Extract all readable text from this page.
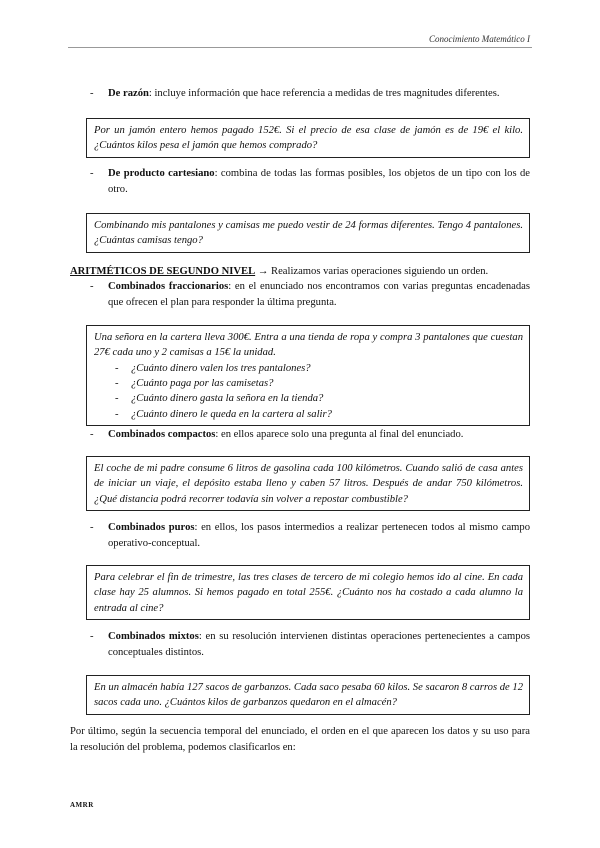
Conocimiento Matemático I
- De razón: incluye información que hace referencia a medidas de tres magnitudes diferentes.
Por un jamón entero hemos pagado 152€. Si el precio de esa clase de jamón es de 19€ el kilo. ¿Cuántos kilos pesa el jamón que hemos comprado?
- De producto cartesiano: combina de todas las formas posibles, los objetos de un tipo con los de otro.
Combinando mis pantalones y camisas me puedo vestir de 24 formas diferentes. Tengo 4 pantalones. ¿Cuántas camisas tengo?
ARITMÉTICOS DE SEGUNDO NIVEL → Realizamos varias operaciones siguiendo un orden.
- Combinados fraccionarios: en el enunciado nos encontramos con varias preguntas encadenadas que ofrecen el plan para responder la última pregunta.
Una señora en la cartera lleva 300€. Entra a una tienda de ropa y compra 3 pantalones que cuestan 27€ cada uno y 2 camisas a 15€ la unidad.
- ¿Cuánto dinero valen los tres pantalones?
- ¿Cuánto paga por las camisetas?
- ¿Cuánto dinero gasta la señora en la tienda?
- ¿Cuánto dinero le queda en la cartera al salir?
- Combinados compactos: en ellos aparece solo una pregunta al final del enunciado.
El coche de mi padre consume 6 litros de gasolina cada 100 kilómetros. Cuando salió de casa antes de iniciar un viaje, el depósito estaba lleno y caben 57 litros. Después de andar 750 kilómetros. ¿Qué distancia podrá recorrer todavía sin volver a repostar combustible?
- Combinados puros: en ellos, los pasos intermedios a realizar pertenecen todos al mismo campo operativo-conceptual.
Para celebrar el fin de trimestre, las tres clases de tercero de mi colegio hemos ido al cine. En cada clase hay 25 alumnos. Si hemos pagado en total 255€. ¿Cuánto nos ha costado a cada alumno la entrada al cine?
- Combinados mixtos: en su resolución intervienen distintas operaciones pertenecientes a campos conceptuales distintos.
En un almacén había 127 sacos de garbanzos. Cada saco pesaba 60 kilos. Se sacaron 8 carros de 12 sacos cada uno. ¿Cuántos kilos de garbanzos quedaron en el almacén?
Por último, según la secuencia temporal del enunciado, el orden en el que aparecen los datos y su uso para la resolución del problema, podemos clasificarlos en:
AMRR
